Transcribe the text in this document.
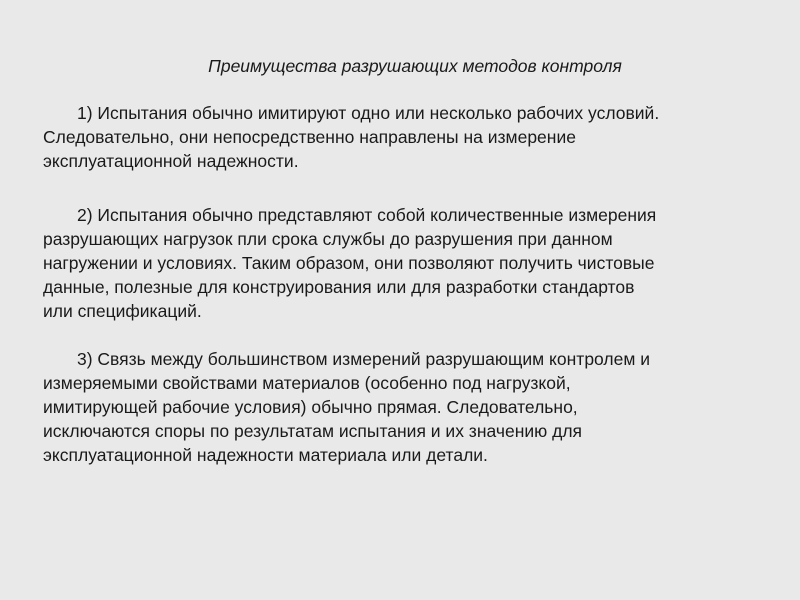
Преимущества разрушающих методов контроля

1) Испытания обычно имитируют одно или несколько рабочих условий.
Следовательно, они непосредственно направлены на измерение
эксплуатационной надежности.

2) Испытания обычно представляют собой количественные измерения
разрушающих нагрузок пли срока службы до разрушения при данном
нагружении и условиях. Таким образом, они позволяют получить чистовые
данные, полезные для конструирования или для разработки стандартов
или спецификаций.

3) Связь между большинством измерений разрушающим контролем и
измеряемыми свойствами материалов (особенно под нагрузкой,
имитирующей рабочие условия) обычно прямая. Следовательно,
исключаются споры по результатам испытания и их значению для
эксплуатационной надежности материала или детали.
